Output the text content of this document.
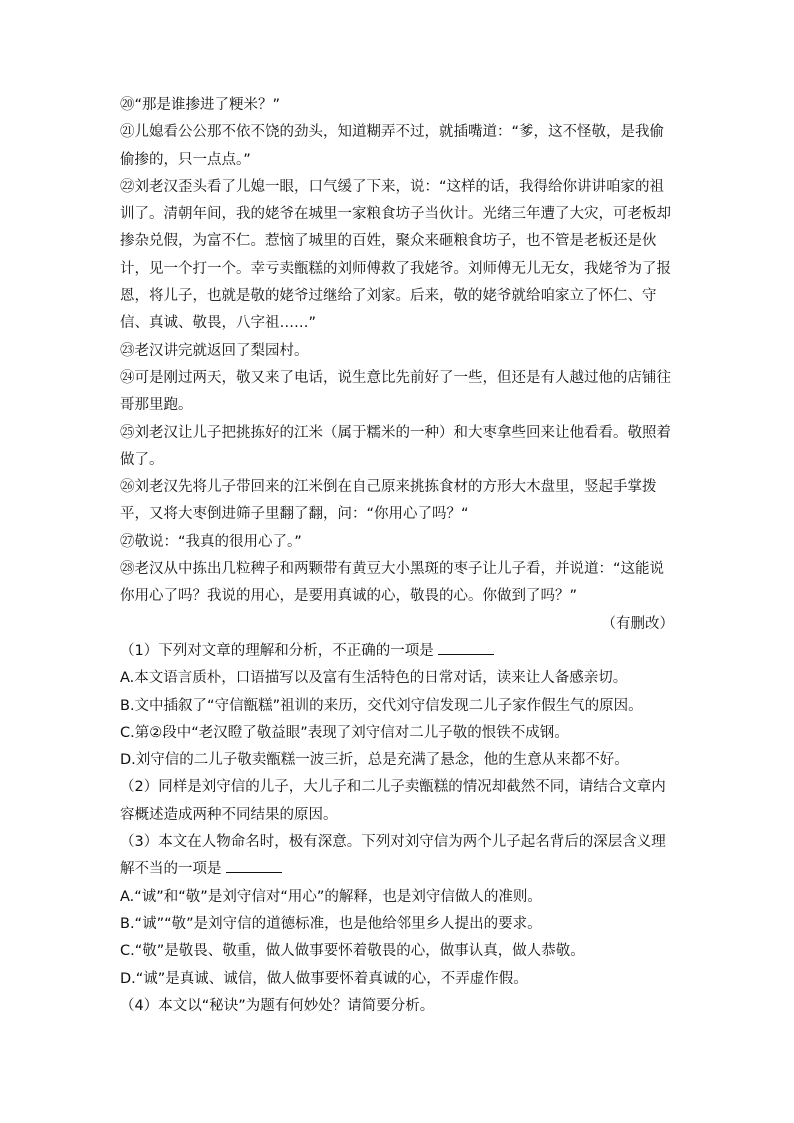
⑳“那是谁掺进了粳米？”

㉑儿媳看公公那不依不饶的劲头，知道糊弄不过，就插嘴道：“爹，这不怪敬，是我偷偷掺的，只一点点。”

㉒刘老汉歪头看了儿媳一眼，口气缓了下来，说：“这样的话，我得给你讲讲咱家的祖训了。清朝年间，我的姥爷在城里一家粮食坊子当伙计。光绪三年遭了大灾，可老板却掺杂兑假，为富不仁。惹恼了城里的百姓，聚众来砸粮食坊子，也不管是老板还是伙计，见一个打一个。幸亏卖甑糕的刘师傅救了我姥爷。刘师傅无儿无女，我姥爷为了报恩，将儿子，也就是敬的姥爷过继给了刘家。后来，敬的姥爷就给咱家立了怀仁、守信、真诚、敬畏，八字祖……”

㉓老汉讲完就返回了梨园村。

㉔可是刚过两天，敬又来了电话，说生意比先前好了一些，但还是有人越过他的店铺往哥那里跑。

㉕刘老汉让儿子把挑拣好的江米（属于糯米的一种）和大枣拿些回来让他看看。敬照着做了。

㉖刘老汉先将儿子带回来的江米倒在自己原来挑拣食材的方形大木盘里，竖起手掌拨平，又将大枣倒进筛子里翻了翻，问：“你用心了吗？“

㉗敬说：“我真的很用心了。”

㉘老汉从中拣出几粒稗子和两颗带有黄豆大小黑斑的枣子让儿子看，并说道：“这能说你用心了吗？我说的用心，是要用真诚的心，敬畏的心。你做到了吗？”

（有删改）

（1）下列对文章的理解和分析，不正确的一项是

A.本文语言质朴，口语描写以及富有生活特色的日常对话，读来让人备感亲切。

B.文中插叙了“守信甑糕”祖训的来历，交代刘守信发现二儿子家作假生气的原因。

C.第②段中“老汉瞪了敬益眼”表现了刘守信对二儿子敬的恨铁不成钢。

D.刘守信的二儿子敬卖甑糕一波三折，总是充满了悬念，他的生意从来都不好。

（2）同样是刘守信的儿子，大儿子和二儿子卖甑糕的情况却截然不同，请结合文章内容概述造成两种不同结果的原因。

（3）本文在人物命名时，极有深意。下列对刘守信为两个儿子起名背后的深层含义理解不当的一项是

A.“诚”和“敬”是刘守信对“用心”的解释，也是刘守信做人的准则。

B.“诚”“敬”是刘守信的道德标准，也是他给邻里乡人提出的要求。

C.“敬”是敬畏、敬重，做人做事要怀着敬畏的心，做事认真，做人恭敬。

D.“诚”是真诚、诚信，做人做事要怀着真诚的心，不弄虚作假。

（4）本文以“秘诀”为题有何妙处？请简要分析。
